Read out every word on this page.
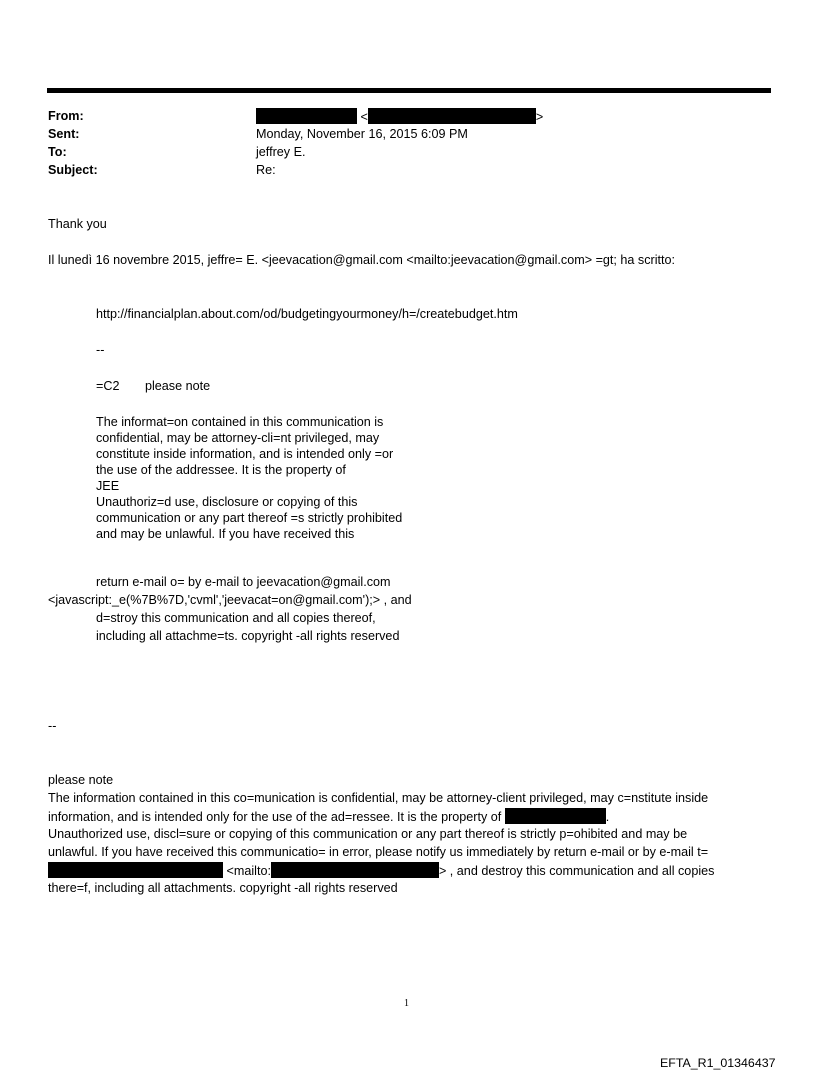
From:	<	>
Sent:	Monday, November 16, 2015 6:09 PM
To:	jeffrey E.
Subject:	Re:
Thank you
Il lunedì 16 novembre 2015, jeffre= E. <jeevacation@gmail.com <mailto:jeevacation@gmail.com> =gt; ha scritto:
http://financialplan.about.com/od/budgetingyourmoney/h=/createbudget.htm
--
=C2 please note
The informat=on contained in this communication is
confidential, may be attorney-cli=nt privileged, may
constitute inside information, and is intended only =or
the use of the addressee. It is the property of
JEE
Unauthoriz=d use, disclosure or copying of this
communication or any part thereof =s strictly prohibited
and may be unlawful. If you have received this
return e-mail o= by e-mail to jeevacation@gmail.com
<javascript:_e(%7B%7D,'cvml','jeevacat=on@gmail.com');> , and
d=stroy this communication and all copies thereof,
including all attachme=ts. copyright -all rights reserved
--
please note
The information contained in this co=munication is confidential, may be attorney-client privileged, may c=nstitute inside
information, and is intended only for the use of the ad=ressee. It is the property of	.
Unauthorized use, discl=sure or copying of this communication or any part thereof is strictly p=ohibited and may be
unlawful. If you have received this communicatio= in error, please notify us immediately by return e-mail or by e-mail t=
<mailto:	> , and destroy this communication and all copies
there=f, including all attachments. copyright -all rights reserved
1
EFTA_R1_01346437
